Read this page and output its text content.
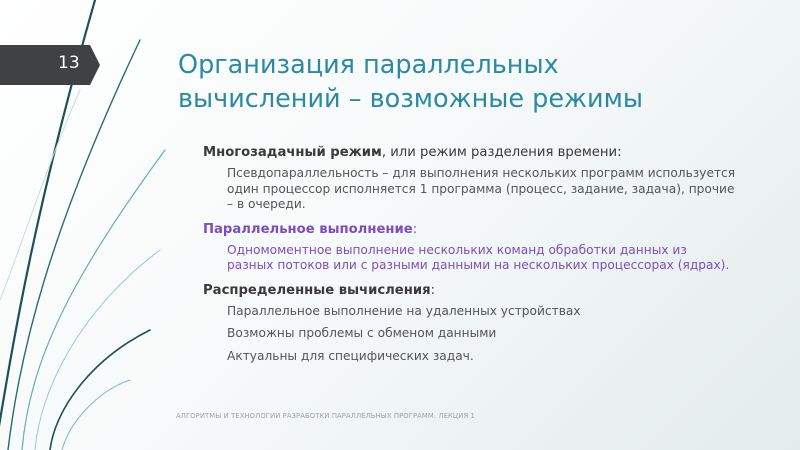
13	Организация параллельных
вычислений – возможные режимы
Многозадачный режим, или режим разделения времени:
Псевдопараллельность – для выполнения нескольких программ используется один процессор исполняется 1 программа (процесс, задание, задача), прочие – в очереди.
Параллельное выполнение:
Одномоментное выполнение нескольких команд обработки данных из разных потоков или с разными данными на нескольких процессорах (ядрах).
Распределенные вычисления:
Параллельное выполнение на удаленных устройствах
Возможны проблемы с обменом данными
Актуальны для специфических задач.
АЛГОРИТМЫ И ТЕХНОЛОГИИ РАЗРАБОТКИ ПАРАЛЛЕЛЬНЫХ ПРОГРАММ. ЛЕКЦИЯ 1
